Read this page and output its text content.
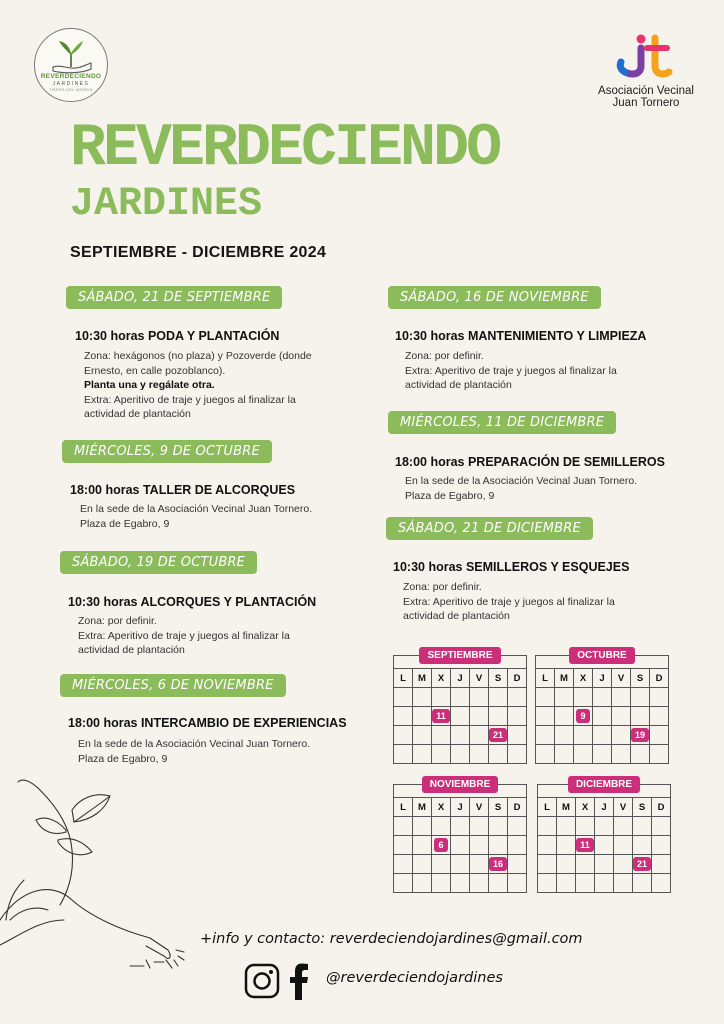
REVERDECIENDO
JARDINES
TIERRA DEL MADRID	Asociación Vecinal
Juan Tornero
REVERDECIENDO
JARDINES
SEPTIEMBRE - DICIEMBRE 2024
SÁBADO, 21 DE SEPTIEMBRE
10:30 horas PODA Y PLANTACIÓN
Zona: hexágonos (no plaza) y Pozoverde (donde Ernesto, en calle pozoblanco).
Planta una y regálate otra.
Extra: Aperitivo de traje y juegos al finalizar la actividad de plantación
MIÉRCOLES, 9 DE OCTUBRE
18:00 horas TALLER DE ALCORQUES
En la sede de la Asociación Vecinal Juan Tornero.
Plaza de Egabro, 9
SÁBADO, 19 DE OCTUBRE
10:30 horas ALCORQUES Y PLANTACIÓN
Zona: por definir.
Extra: Aperitivo de traje y juegos al finalizar la actividad de plantación
MIÉRCOLES, 6 DE NOVIEMBRE
18:00 horas INTERCAMBIO DE EXPERIENCIAS
En la sede de la Asociación Vecinal Juan Tornero.
Plaza de Egabro, 9
SÁBADO, 16 DE NOVIEMBRE
10:30 horas MANTENIMIENTO Y LIMPIEZA
Zona: por definir.
Extra: Aperitivo de traje y juegos al finalizar la actividad de plantación
MIÉRCOLES, 11 DE DICIEMBRE
18:00 horas PREPARACIÓN DE SEMILLEROS
En la sede de la Asociación Vecinal Juan Tornero.
Plaza de Egabro, 9
SÁBADO, 21 DE DICIEMBRE
10:30 horas SEMILLEROS Y ESQUEJES
Zona: por definir.
Extra: Aperitivo de traje y juegos al finalizar la actividad de plantación
SEPTIEMBRE

L	M	X	J	V	S	D

		11				
					21	

OCTUBRE

L	M	X	J	V	S	D

		9				
					19	

NOVIEMBRE

L	M	X	J	V	S	D

		6				
					16	

DICIEMBRE

L	M	X	J	V	S	D

		11				
					21	

+info y contacto: reverdeciendojardines@gmail.com
@reverdeciendojardines
